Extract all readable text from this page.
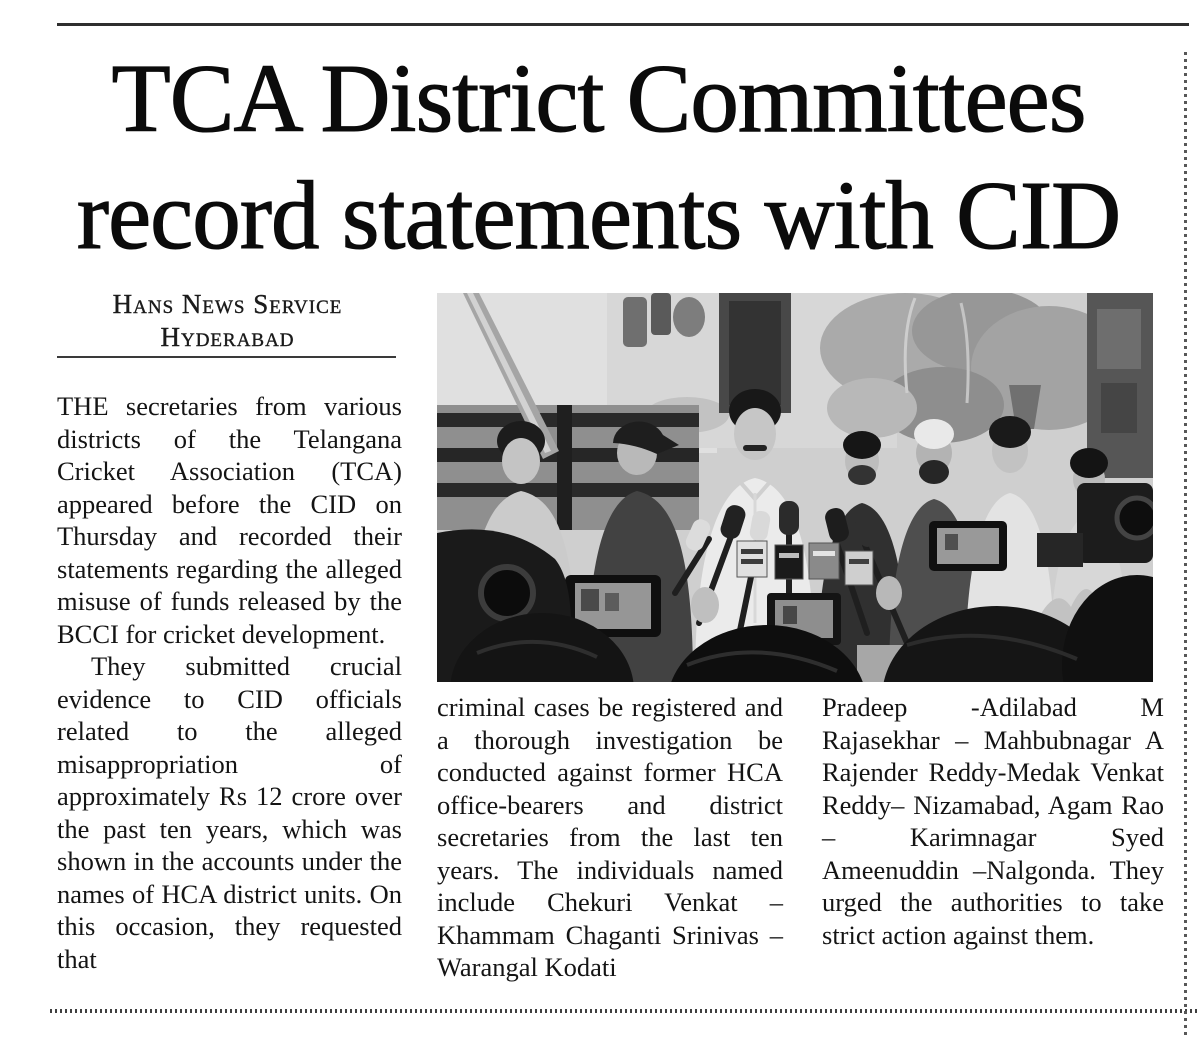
TCA District Committees
record statements with CID
Hans News Service
Hyderabad

THE secretaries from various districts of the Telangana Cricket Association (TCA) appeared before the CID on Thursday and recorded their statements regarding the alleged misuse of funds released by the BCCI for cricket development.

They submitted crucial evidence to CID officials related to the alleged misappropriation of approximately Rs 12 crore over the past ten years, which was shown in the accounts under the names of HCA district units. On this occasion, they requested that

criminal cases be registered and a thorough investigation be conducted against former HCA office-bearers and district secretaries from the last ten years. The individuals named include Chekuri Venkat – Khammam Chaganti Srinivas – Warangal Kodati

Pradeep -Adilabad M Rajasekhar – Mahbubnagar A Rajender Reddy-Medak Venkat Reddy– Nizamabad, Agam Rao – Karimnagar Syed Ameenuddin –Nalgonda. They urged the authorities to take strict action against them.
